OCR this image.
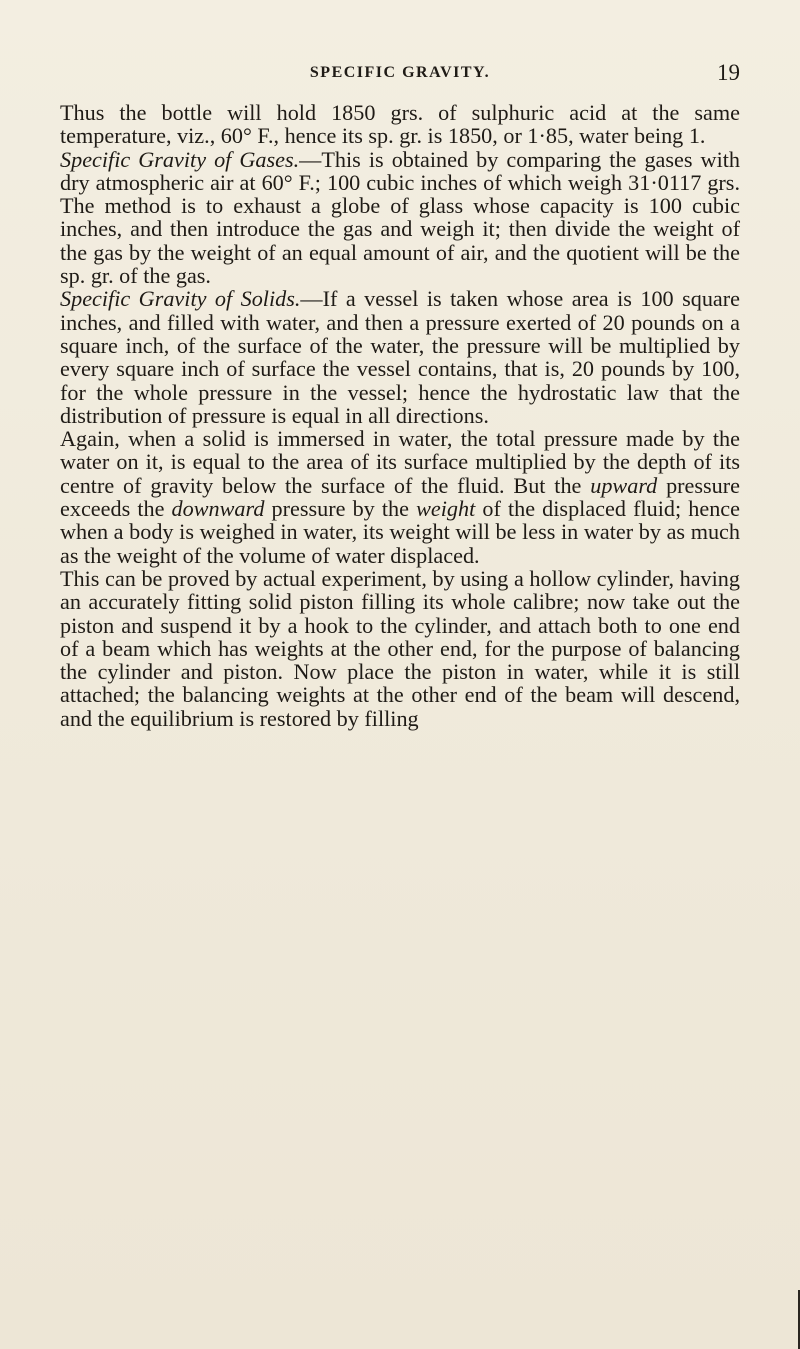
SPECIFIC GRAVITY.	19

Thus the bottle will hold 1850 grs. of sulphuric acid at the same temperature, viz., 60° F., hence its sp. gr. is 1850, or 1·85, water being 1.

Specific Gravity of Gases.—This is obtained by comparing the gases with dry atmospheric air at 60° F.; 100 cubic inches of which weigh 31·0117 grs. The method is to exhaust a globe of glass whose capacity is 100 cubic inches, and then introduce the gas and weigh it; then divide the weight of the gas by the weight of an equal amount of air, and the quotient will be the sp. gr. of the gas.

Specific Gravity of Solids.—If a vessel is taken whose area is 100 square inches, and filled with water, and then a pressure exerted of 20 pounds on a square inch, of the surface of the water, the pressure will be multiplied by every square inch of surface the vessel contains, that is, 20 pounds by 100, for the whole pressure in the vessel; hence the hydrostatic law that the distribution of pressure is equal in all directions.

Again, when a solid is immersed in water, the total pressure made by the water on it, is equal to the area of its surface multiplied by the depth of its centre of gravity below the surface of the fluid. But the upward pressure exceeds the downward pressure by the weight of the displaced fluid; hence when a body is weighed in water, its weight will be less in water by as much as the weight of the volume of water displaced.

This can be proved by actual experiment, by using a hollow cylinder, having an accurately fitting solid piston filling its whole calibre; now take out the piston and suspend it by a hook to the cylinder, and attach both to one end of a beam which has weights at the other end, for the purpose of balancing the cylinder and piston. Now place the piston in water, while it is still attached; the balancing weights at the other end of the beam will descend, and the equilibrium is restored by filling
